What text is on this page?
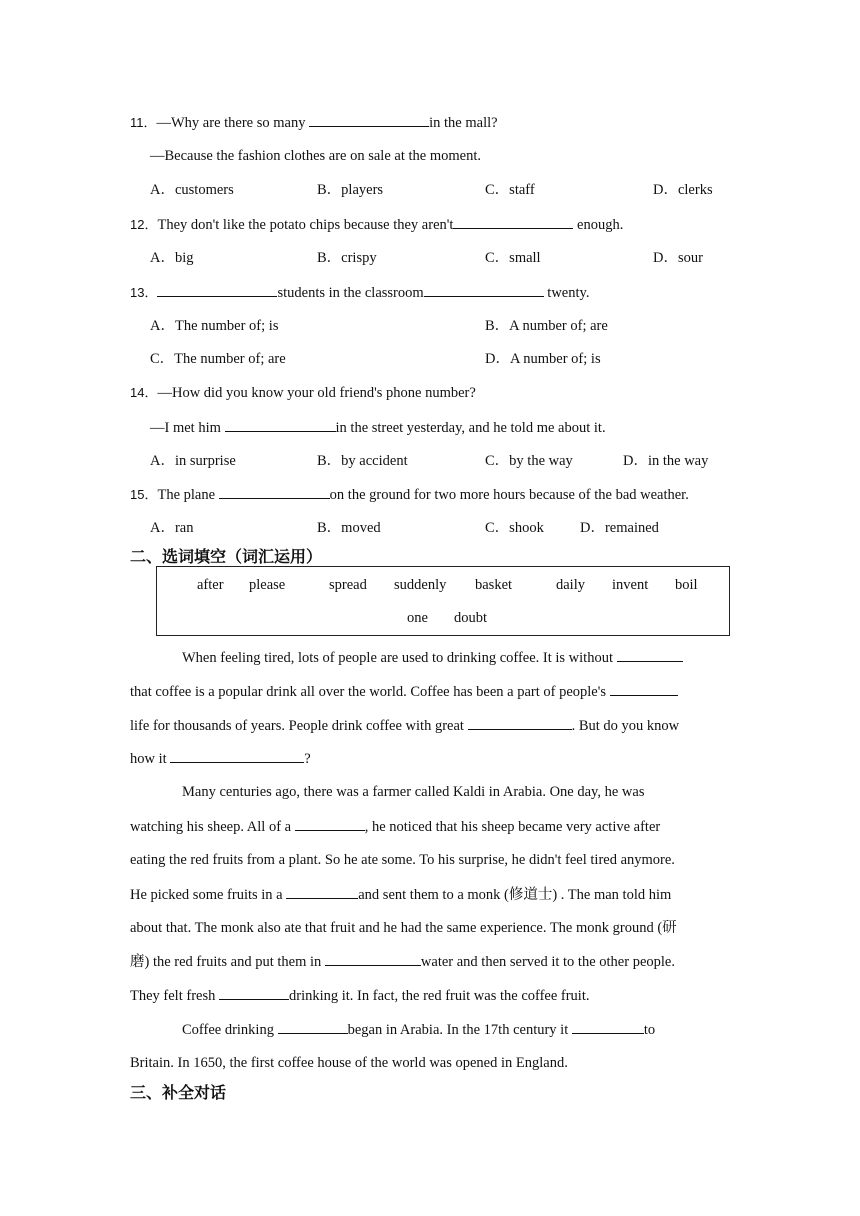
11．—Why are there so many	in the mall?
—Because the fashion clothes are on sale at the moment.
A．customers	B．players	C．staff	D．clerks
12．They don't like the potato chips because they aren't	enough.
A．big	B．crispy	C．small	D．sour
13．	students in the classroom	twenty.
A．The number of; is	B．A number of; are
C．The number of; are	D．A number of; is
14．—How did you know your old friend's phone number?
—I met him	in the street yesterday, and he told me about it.
A．in surprise	B．by accident	C．by the way	D．in the way
15．The plane	on the ground for two more hours because of the bad weather.
A．ran	B．moved	C．shook D．remained
二、选词填空（词汇运用）
after please	spread suddenly basket	daily invent boil
one doubt
When feeling tired, lots of people are used to drinking coffee. It is without
that coffee is a popular drink all over the world. Coffee has been a part of people's
life for thousands of years. People drink coffee with great	. But do you know
how it	?
Many centuries ago, there was a farmer called Kaldi in Arabia. One day, he was
watching his sheep. All of a	, he noticed that his sheep became very active after
eating the red fruits from a plant. So he ate some. To his surprise, he didn't feel tired anymore.
He picked some fruits in a	and sent them to a monk (修道士) . The man told him
about that. The monk also ate that fruit and he had the same experience. The monk ground (研
磨) the red fruits and put them in	water and then served it to the other people.
They felt fresh	drinking it. In fact, the red fruit was the coffee fruit.
Coffee drinking	began in Arabia. In the 17th century it	to
Britain. In 1650, the first coffee house of the world was opened in England.
三、补全对话
